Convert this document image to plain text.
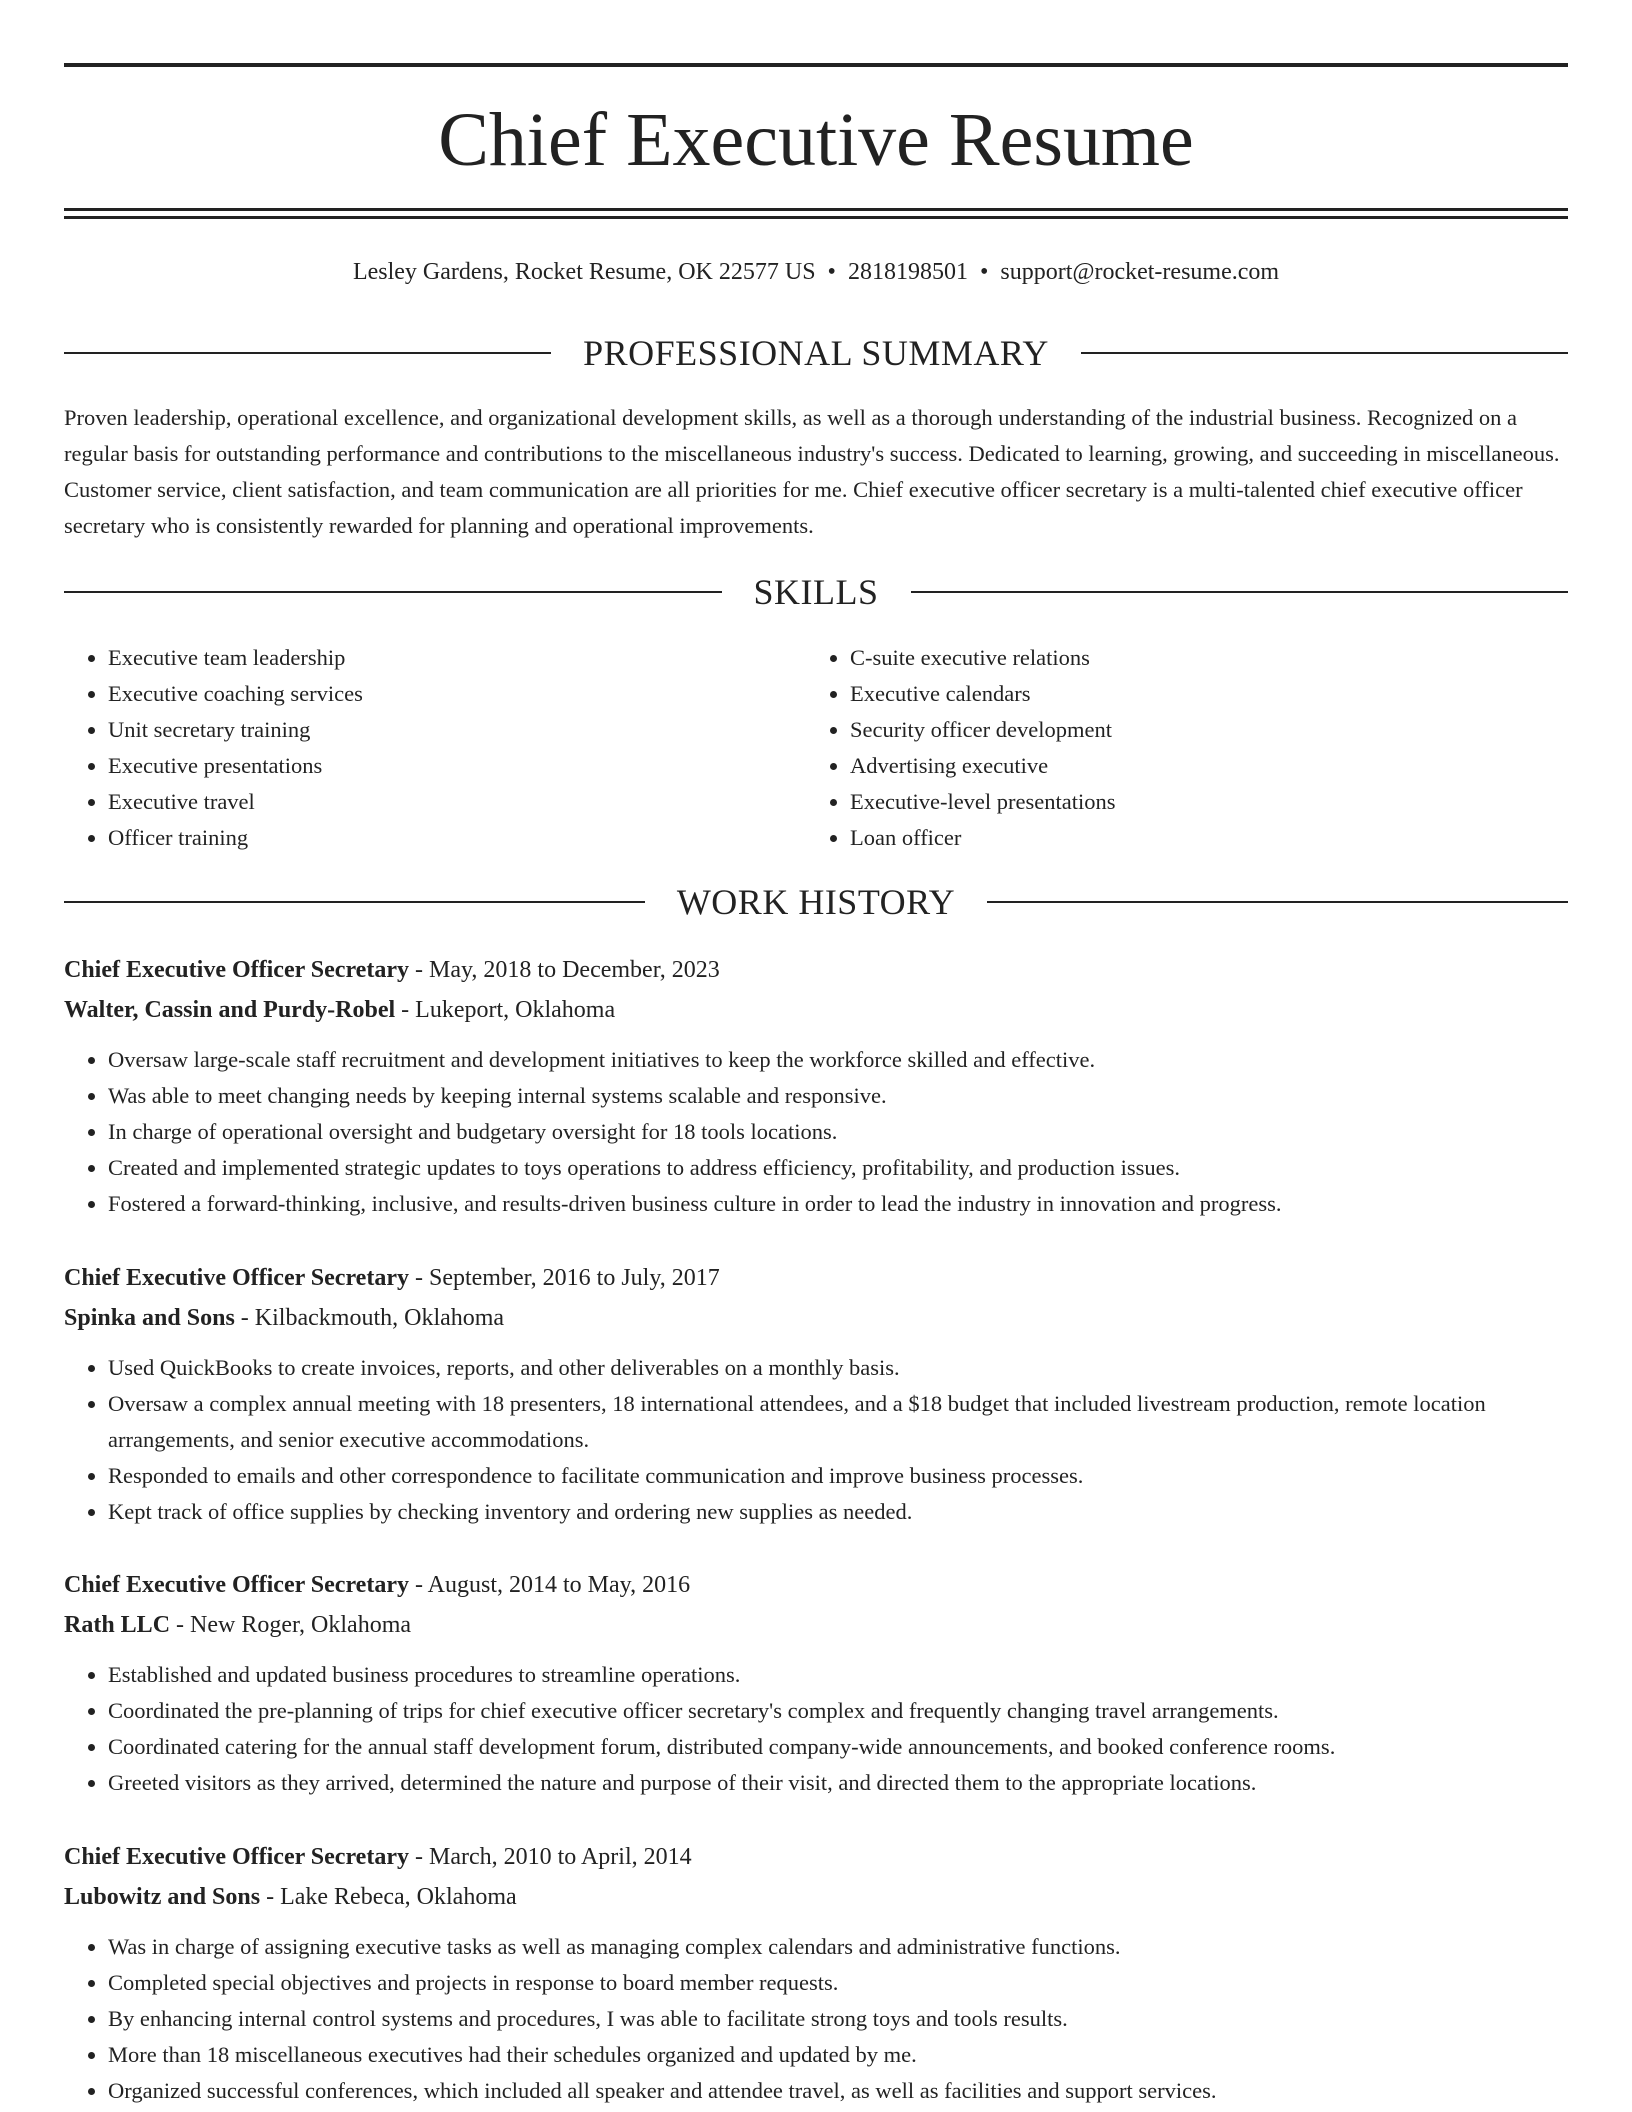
Chief Executive Resume
Lesley Gardens, Rocket Resume, OK 22577 US • 2818198501 • support@rocket-resume.com
PROFESSIONAL SUMMARY

Proven leadership, operational excellence, and organizational development skills, as well as a thorough understanding of the industrial business. Recognized on a regular basis for outstanding performance and contributions to the miscellaneous industry's success. Dedicated to learning, growing, and succeeding in miscellaneous. Customer service, client satisfaction, and team communication are all priorities for me. Chief executive officer secretary is a multi-talented chief executive officer secretary who is consistently rewarded for planning and operational improvements.

SKILLS
• Executive team leadership
• Executive coaching services
• Unit secretary training
• Executive presentations
• Executive travel
• Officer training
• C-suite executive relations
• Executive calendars
• Security officer development
• Advertising executive
• Executive-level presentations
• Loan officer
WORK HISTORY
Chief Executive Officer Secretary - May, 2018 to December, 2023
Walter, Cassin and Purdy-Robel - Lukeport, Oklahoma
• Oversaw large-scale staff recruitment and development initiatives to keep the workforce skilled and effective.
• Was able to meet changing needs by keeping internal systems scalable and responsive.
• In charge of operational oversight and budgetary oversight for 18 tools locations.
• Created and implemented strategic updates to toys operations to address efficiency, profitability, and production issues.
• Fostered a forward-thinking, inclusive, and results-driven business culture in order to lead the industry in innovation and progress.
Chief Executive Officer Secretary - September, 2016 to July, 2017
Spinka and Sons - Kilbackmouth, Oklahoma
• Used QuickBooks to create invoices, reports, and other deliverables on a monthly basis.
• Oversaw a complex annual meeting with 18 presenters, 18 international attendees, and a $18 budget that included livestream production, remote location arrangements, and senior executive accommodations.
• Responded to emails and other correspondence to facilitate communication and improve business processes.
• Kept track of office supplies by checking inventory and ordering new supplies as needed.
Chief Executive Officer Secretary - August, 2014 to May, 2016
Rath LLC - New Roger, Oklahoma
• Established and updated business procedures to streamline operations.
• Coordinated the pre-planning of trips for chief executive officer secretary's complex and frequently changing travel arrangements.
• Coordinated catering for the annual staff development forum, distributed company-wide announcements, and booked conference rooms.
• Greeted visitors as they arrived, determined the nature and purpose of their visit, and directed them to the appropriate locations.
Chief Executive Officer Secretary - March, 2010 to April, 2014
Lubowitz and Sons - Lake Rebeca, Oklahoma
• Was in charge of assigning executive tasks as well as managing complex calendars and administrative functions.
• Completed special objectives and projects in response to board member requests.
• By enhancing internal control systems and procedures, I was able to facilitate strong toys and tools results.
• More than 18 miscellaneous executives had their schedules organized and updated by me.
• Organized successful conferences, which included all speaker and attendee travel, as well as facilities and support services.
